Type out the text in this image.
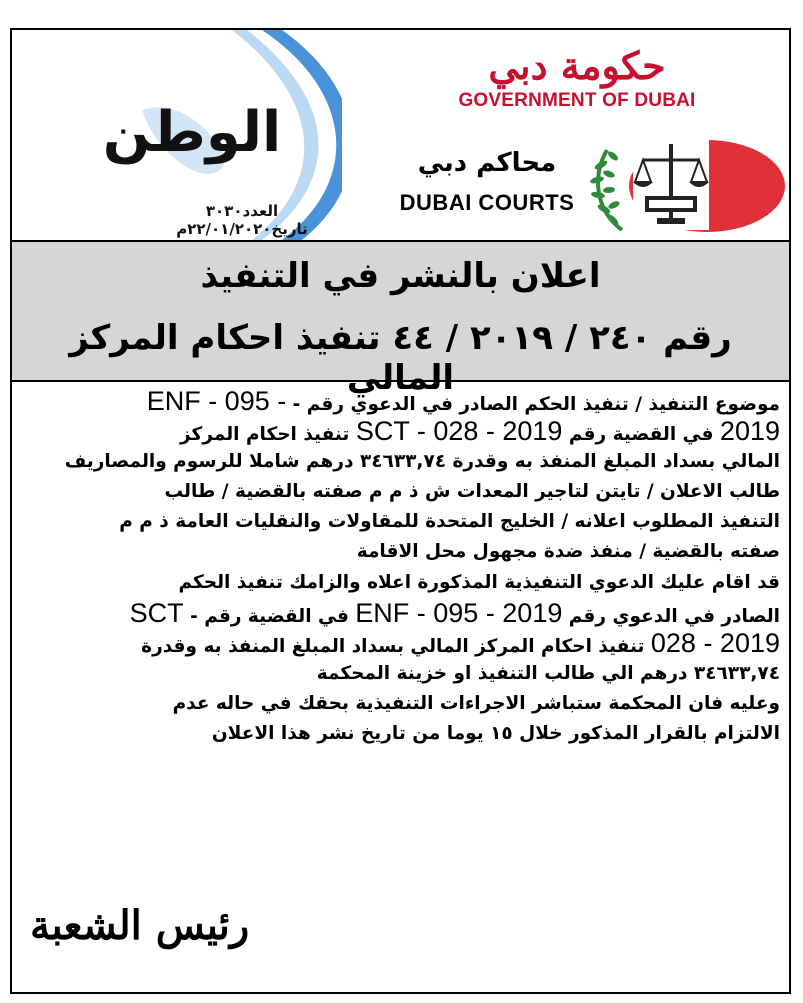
الوطن
العدد٣٠٣٠ تاريخ٢٢/٠١/٢٠٢٠م
حكومة دبي
GOVERNMENT OF DUBAI
محاكم دبي
DUBAI COURTS
اعلان بالنشر في التنفيذ
رقم ٢٤٠ / ٢٠١٩ / ٤٤ تنفيذ احكام المركز المالي
موضوع التنفيذ / تنفيذ الحكم الصادر في الدعوي رقم - ENF - 095 -
2019 في القضية رقم SCT - 028 - 2019 تنفيذ احكام المركز
المالي بسداد المبلغ المنفذ به وقدرة ٣٤٦٣٣,٧٤ درهم شاملا للرسوم والمصاريف
طالب الاعلان / تايتن لتاجير المعدات ش ذ م م صفته بالقضية / طالب
التنفيذ المطلوب اعلانه / الخليج المتحدة للمقاولات والنقليات العامة ذ م م
صفته بالقضية / منفذ ضدة مجهول محل الاقامة
قد اقام عليك الدعوي التنفيذية المذكورة اعلاه والزامك تنفيذ الحكم
الصادر في الدعوي رقم ENF - 095 - 2019 في القضية رقم - SCT
028 - 2019 تنفيذ احكام المركز المالي بسداد المبلغ المنفذ به وقدرة
٣٤٦٣٣,٧٤ درهم الي طالب التنفيذ او خزينة المحكمة
وعليه فان المحكمة ستباشر الاجراءات التنفيذية بحقك في حاله عدم
الالتزام بالقرار المذكور خلال ١٥ يوما من تاريخ نشر هذا الاعلان
رئيس الشعبة
